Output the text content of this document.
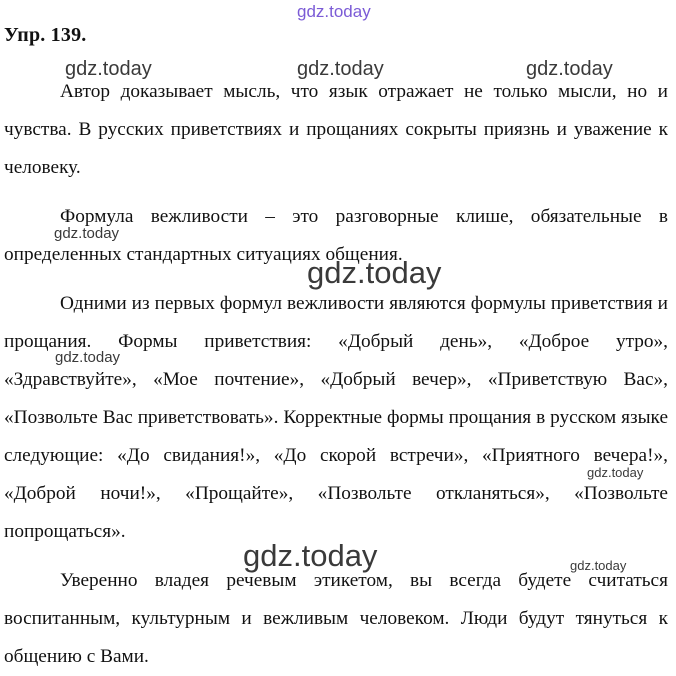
Упр. 139.

Автор доказывает мысль, что язык отражает не только мысли, но и чувства. В русских приветствиях и прощаниях сокрыты приязнь и уважение к человеку.

Формула вежливости – это разговорные клише, обязательные в определенных стандартных ситуациях общения.

Одними из первых формул вежливости являются формулы приветствия и прощания. Формы приветствия: «Добрый день», «Доброе утро», «Здравствуйте», «Мое почтение», «Добрый вечер», «Приветствую Вас», «Позвольте Вас приветствовать». Корректные формы прощания в русском языке следующие: «До свидания!», «До скорой встречи», «Приятного вечера!», «Доброй ночи!», «Прощайте», «Позвольте откланяться», «Позвольте попрощаться».

Уверенно владея речевым этикетом, вы всегда будете считаться воспитанным, культурным и вежливым человеком. Люди будут тянуться к общению с Вами.

gdz.today
gdz.today	gdz.today	gdz.today
gdz.today
gdz.today
gdz.today
gdz.today
gdz.today	gdz.today
